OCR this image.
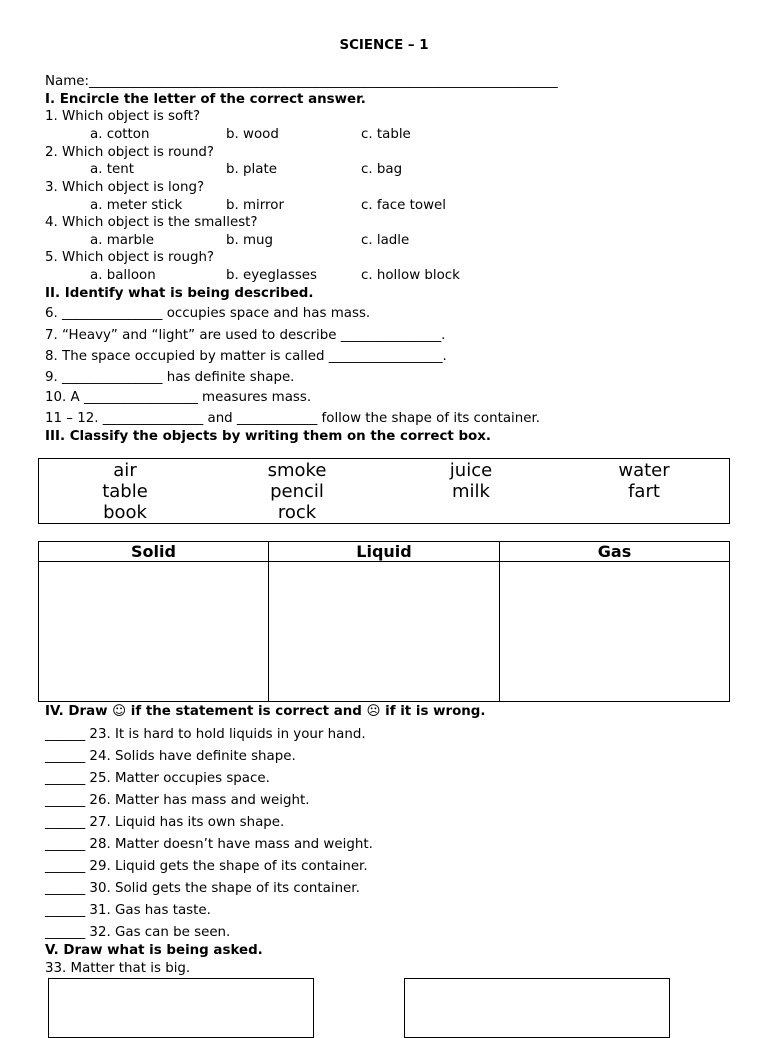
SCIENCE – 1
Name:______________________________________________________________________
I. Encircle the letter of the correct answer.
1. Which object is soft?
a. cotton	b. wood	c. table
2. Which object is round?
a. tent	b. plate	c. bag
3. Which object is long?
a. meter stick	b. mirror	c. face towel
4. Which object is the smallest?
a. marble	b. mug	c. ladle
5. Which object is rough?
a. balloon	b. eyeglasses	c. hollow block
II. Identify what is being described.
6. _______________ occupies space and has mass.
7. “Heavy” and “light” are used to describe _______________.
8. The space occupied by matter is called _________________.
9. _______________ has definite shape.
10. A _________________ measures mass.
11 – 12. _______________ and ____________ follow the shape of its container.
III. Classify the objects by writing them on the correct box.
air	smoke	juice	water
table	pencil	milk	fart
book	rock
Solid	Liquid	Gas
IV. Draw ☺ if the statement is correct and ☹ if it is wrong.
______ 23. It is hard to hold liquids in your hand.
______ 24. Solids have definite shape.
______ 25. Matter occupies space.
______ 26. Matter has mass and weight.
______ 27. Liquid has its own shape.
______ 28. Matter doesn’t have mass and weight.
______ 29. Liquid gets the shape of its container.
______ 30. Solid gets the shape of its container.
______ 31. Gas has taste.
______ 32. Gas can be seen.
V. Draw what is being asked.
33. Matter that is big.
